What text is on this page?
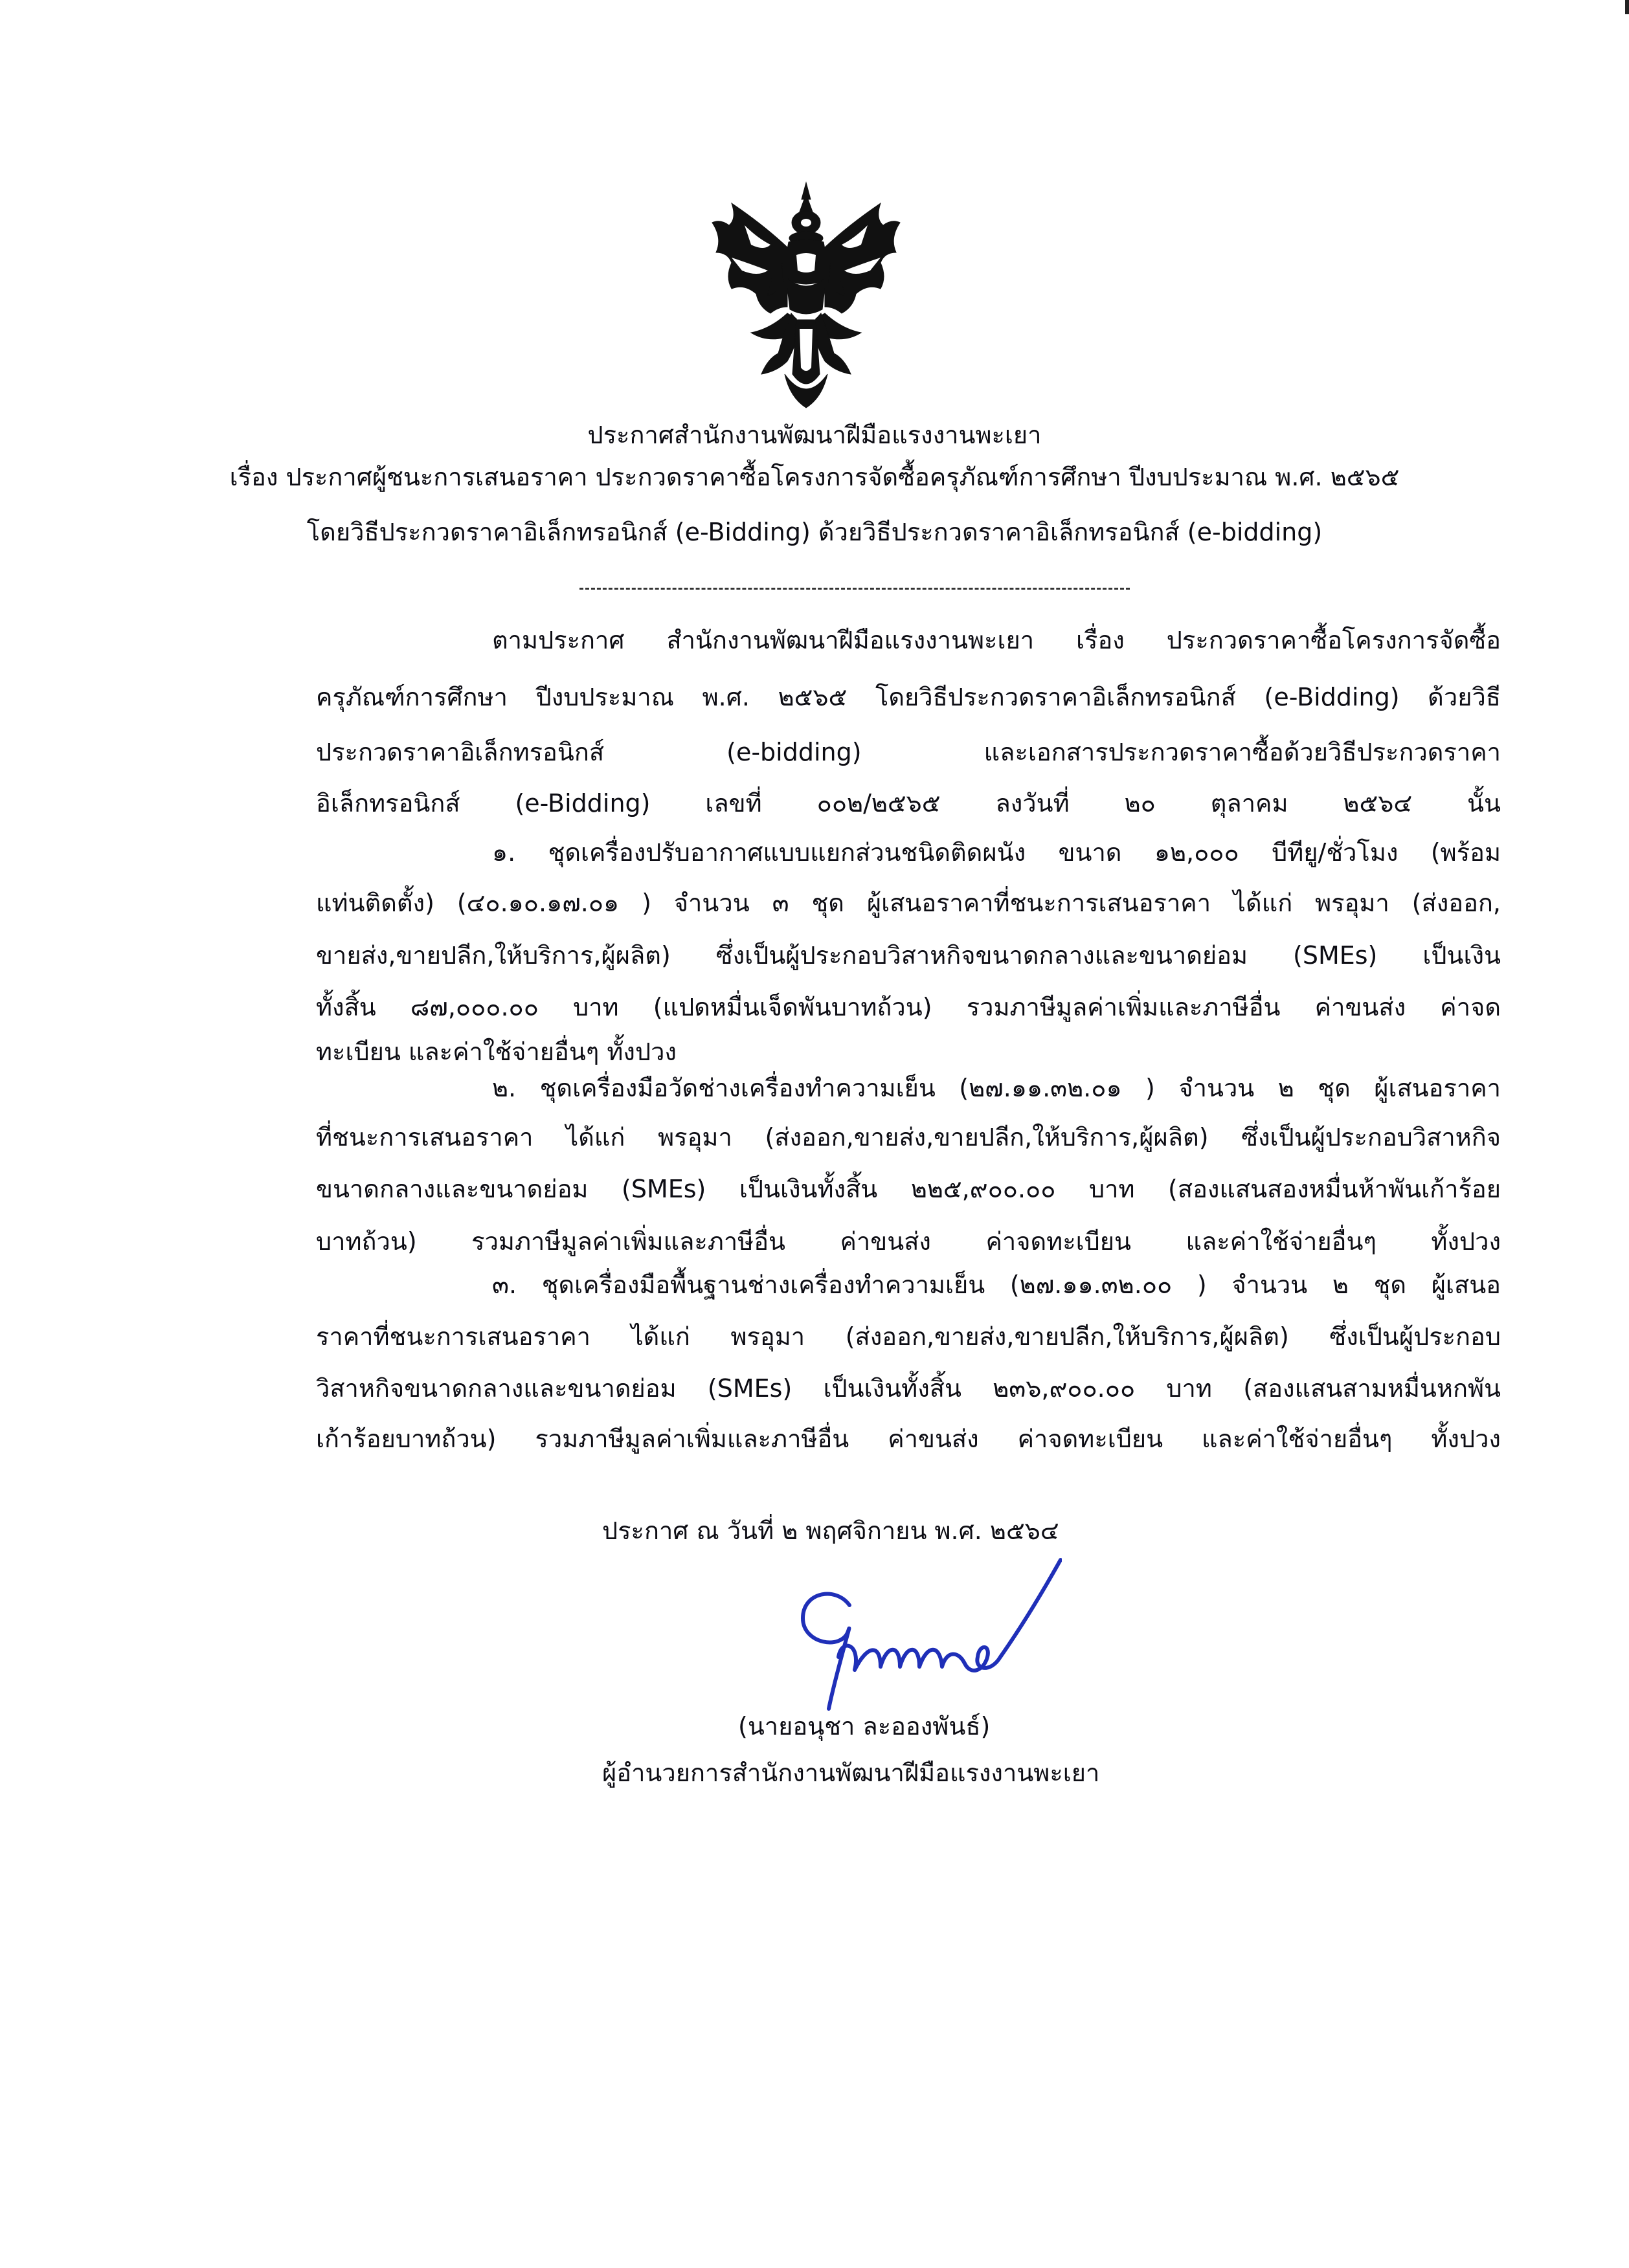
ประกาศสำนักงานพัฒนาฝีมือแรงงานพะเยา
เรื่อง ประกาศผู้ชนะการเสนอราคา ประกวดราคาซื้อโครงการจัดซื้อครุภัณฑ์การศึกษา ปีงบประมาณ พ.ศ. ๒๕๖๕
โดยวิธีประกวดราคาอิเล็กทรอนิกส์ (e-Bidding) ด้วยวิธีประกวดราคาอิเล็กทรอนิกส์ (e-bidding)
ตามประกาศ สำนักงานพัฒนาฝีมือแรงงานพะเยา เรื่อง ประกวดราคาซื้อโครงการจัดซื้อ
ครุภัณฑ์การศึกษา ปีงบประมาณ พ.ศ. ๒๕๖๕ โดยวิธีประกวดราคาอิเล็กทรอนิกส์ (e-Bidding) ด้วยวิธี
ประกวดราคาอิเล็กทรอนิกส์ (e-bidding) และเอกสารประกวดราคาซื้อด้วยวิธีประกวดราคา
อิเล็กทรอนิกส์ (e-Bidding) เลขที่ ๐๐๒/๒๕๖๕ ลงวันที่ ๒๐ ตุลาคม ๒๕๖๔ นั้น
๑. ชุดเครื่องปรับอากาศแบบแยกส่วนชนิดติดผนัง ขนาด ๑๒,๐๐๐ บีทียู/ชั่วโมง (พร้อม
แท่นติดตั้ง) (๔๐.๑๐.๑๗.๐๑ ) จำนวน ๓ ชุด ผู้เสนอราคาที่ชนะการเสนอราคา ได้แก่ พรอุมา (ส่งออก,
ขายส่ง,ขายปลีก,ให้บริการ,ผู้ผลิต) ซึ่งเป็นผู้ประกอบวิสาหกิจขนาดกลางและขนาดย่อม (SMEs) เป็นเงิน
ทั้งสิ้น ๘๗,๐๐๐.๐๐ บาท (แปดหมื่นเจ็ดพันบาทถ้วน) รวมภาษีมูลค่าเพิ่มและภาษีอื่น ค่าขนส่ง ค่าจด
ทะเบียน และค่าใช้จ่ายอื่นๆ ทั้งปวง
๒. ชุดเครื่องมือวัดช่างเครื่องทำความเย็น (๒๗.๑๑.๓๒.๐๑ ) จำนวน ๒ ชุด ผู้เสนอราคา
ที่ชนะการเสนอราคา ได้แก่ พรอุมา (ส่งออก,ขายส่ง,ขายปลีก,ให้บริการ,ผู้ผลิต) ซึ่งเป็นผู้ประกอบวิสาหกิจ
ขนาดกลางและขนาดย่อม (SMEs) เป็นเงินทั้งสิ้น ๒๒๕,๙๐๐.๐๐ บาท (สองแสนสองหมื่นห้าพันเก้าร้อย
บาทถ้วน) รวมภาษีมูลค่าเพิ่มและภาษีอื่น ค่าขนส่ง ค่าจดทะเบียน และค่าใช้จ่ายอื่นๆ ทั้งปวง
๓. ชุดเครื่องมือพื้นฐานช่างเครื่องทำความเย็น (๒๗.๑๑.๓๒.๐๐ ) จำนวน ๒ ชุด ผู้เสนอ
ราคาที่ชนะการเสนอราคา ได้แก่ พรอุมา (ส่งออก,ขายส่ง,ขายปลีก,ให้บริการ,ผู้ผลิต) ซึ่งเป็นผู้ประกอบ
วิสาหกิจขนาดกลางและขนาดย่อม (SMEs) เป็นเงินทั้งสิ้น ๒๓๖,๙๐๐.๐๐ บาท (สองแสนสามหมื่นหกพัน
เก้าร้อยบาทถ้วน) รวมภาษีมูลค่าเพิ่มและภาษีอื่น ค่าขนส่ง ค่าจดทะเบียน และค่าใช้จ่ายอื่นๆ ทั้งปวง
ประกาศ ณ วันที่ ๒ พฤศจิกายน พ.ศ. ๒๕๖๔
(นายอนุชา ละอองพันธ์)
ผู้อำนวยการสำนักงานพัฒนาฝีมือแรงงานพะเยา
